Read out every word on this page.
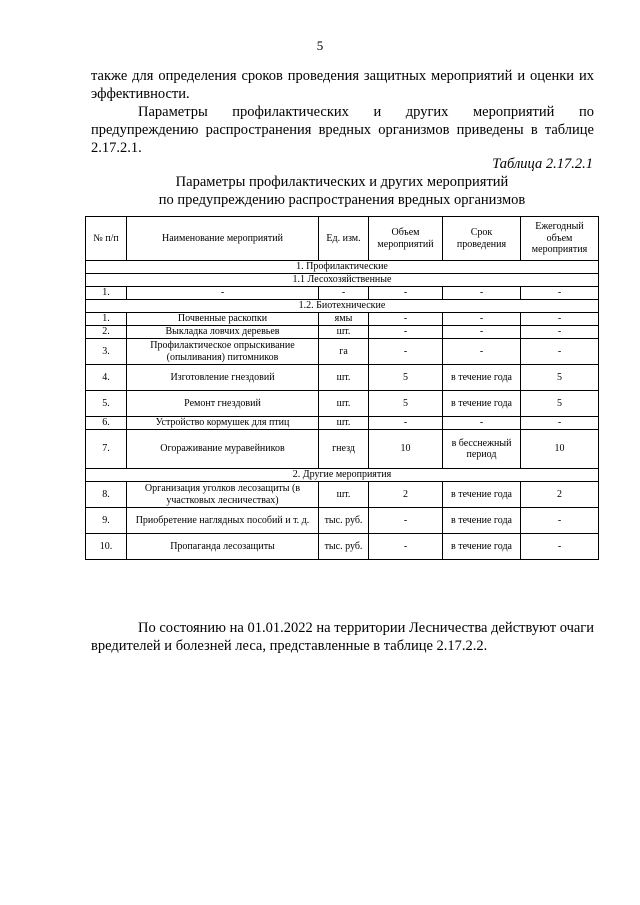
5
также для определения сроков проведения защитных мероприятий и оценки их эффективности.
Параметры профилактических и других мероприятий по предупреждению распространения вредных организмов приведены в таблице 2.17.2.1.
Таблица 2.17.2.1
Параметры профилактических и других мероприятий
по предупреждению распространения вредных организмов
№ п/п	Наименование мероприятий	Ед. изм.	Объем мероприятий	Срок проведения	Ежегодный объем мероприятия
1. Профилактические					
1.1 Лесохозяйственные					
1.	-	-	-	-	-
1.2. Биотехнические					
1.	Почвенные раскопки	ямы	-	-	-
2.	Выкладка ловчих деревьев	шт.	-	-	-
3.	Профилактическое опрыскивание (опыливания) питомников	га	-	-	-
4.	Изготовление гнездовий	шт.	5	в течение года	5
5.	Ремонт гнездовий	шт.	5	в течение года	5
6.	Устройство кормушек для птиц	шт.	-	-	-
7.	Огораживание муравейников	гнезд	10	в бесснежный период	10
2. Другие мероприятия					
8.	Организация уголков лесозащиты (в участковых лесничествах)	шт.	2	в течение года	2
9.	Приобретение наглядных пособий и т. д.	тыс. руб.	-	в течение года	-
10.	Пропаганда лесозащиты	тыс. руб.	-	в течение года	-
По состоянию на 01.01.2022 на территории Лесничества действуют очаги вредителей и болезней леса, представленные в таблице 2.17.2.2.
